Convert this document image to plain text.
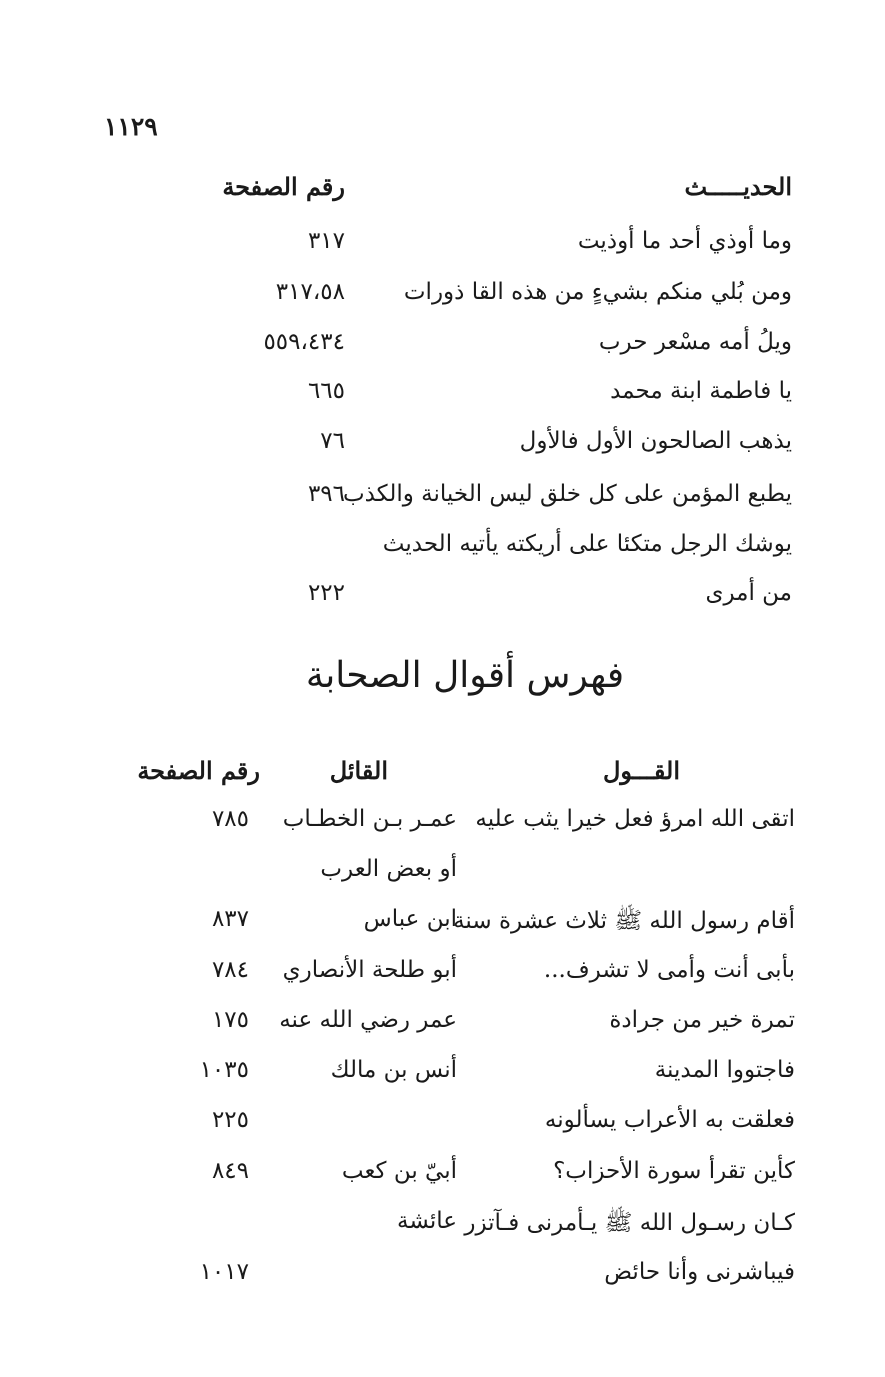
١١٢٩
الحديـــــث
رقم الصفحة
وما أوذي أحد ما أوذيت
٣١٧
ومن بُلي منكم بشيءٍ من هذه القا ذورات
٣١٧،٥٨
ويلُ أمه مسْعر حرب
٥٥٩،٤٣٤
يا فاطمة ابنة محمد
٦٦٥
يذهب الصالحون الأول فالأول
٧٦
يطبع المؤمن على كل خلق ليس الخيانة والكذب
٣٩٦
يوشك الرجل متكئا على أريكته يأتيه الحديث
من أمرى
٢٢٢
فهرس أقوال الصحابة
القـــول
القائل
رقم الصفحة
اتقى الله امرؤ فعل خيرا يثب عليه
عمـر بـن الخطـاب
٧٨٥
أو بعض العرب
أقام رسول الله ﷺ ثلاث عشرة سنة
ابن عباس
٨٣٧
بأبى أنت وأمى لا تشرف...
أبو طلحة الأنصاري
٧٨٤
تمرة خير من جرادة
عمر رضي الله عنه
١٧٥
فاجتووا المدينة
أنس بن مالك
١٠٣٥
فعلقت به الأعراب يسألونه
٢٢٥
كأين تقرأ سورة الأحزاب؟
أبيّ بن كعب
٨٤٩
كـان رسـول الله ﷺ يـأمرنى فـآتزر
عائشة
فيباشرنى وأنا حائض
١٠١٧
